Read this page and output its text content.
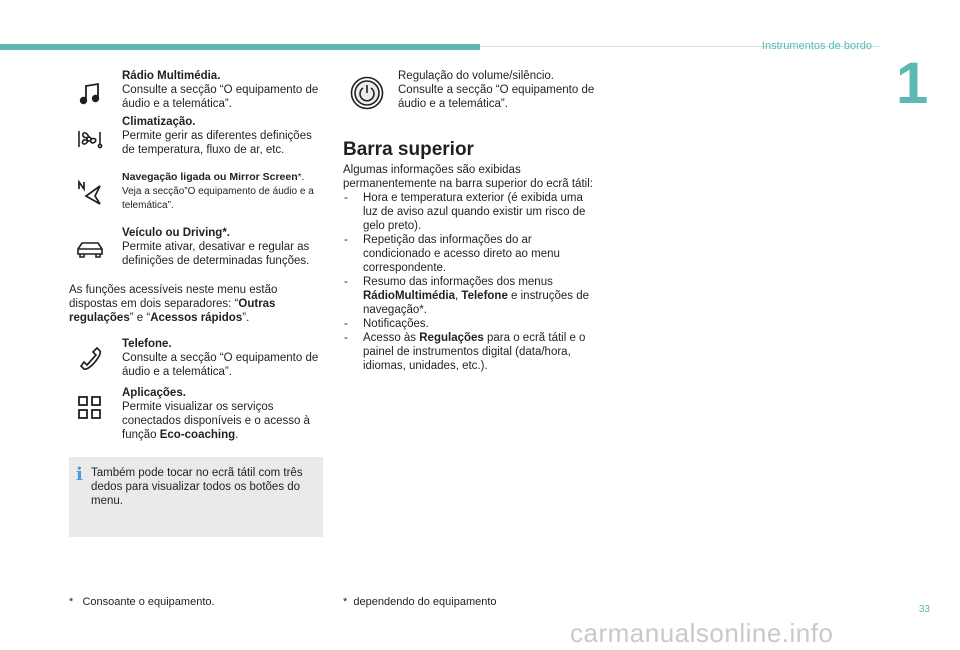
Instrumentos de bordo
1
Rádio Multimédia.
Consulte a secção “O equipamento de áudio e a telemática”.
Climatização.
Permite gerir as diferentes definições de temperatura, fluxo de ar, etc.
Navegação ligada ou Mirror Screen*.
Veja a secção”O equipamento de áudio e a telemática”.
Veículo ou Driving*.
Permite ativar, desativar e regular as definições de determinadas funções.
As funções acessíveis neste menu estão dispostas em dois separadores: “Outras regulações” e “Acessos rápidos”.
Telefone.
Consulte a secção “O equipamento de áudio e a telemática”.
Aplicações.
Permite visualizar os serviços conectados disponíveis e o acesso à função Eco-coaching.
i Também pode tocar no ecrã tátil com três dedos para visualizar todos os botões do menu.
* Consoante o equipamento.
Regulação do volume/silêncio. Consulte a secção “O equipamento de áudio e a telemática”.
Barra superior
Algumas informações são exibidas permanentemente na barra superior do ecrã tátil:
- Hora e temperatura exterior (é exibida uma luz de aviso azul quando existir um risco de gelo preto).
- Repetição das informações do ar condicionado e acesso direto ao menu correspondente.
- Resumo das informações dos menus RádioMultimédia, Telefone e instruções de navegação*.
- Notificações.
- Acesso às Regulações para o ecrã tátil e o painel de instrumentos digital (data/hora, idiomas, unidades, etc.).
* dependendo do equipamento
33
carmanualsonline.info
